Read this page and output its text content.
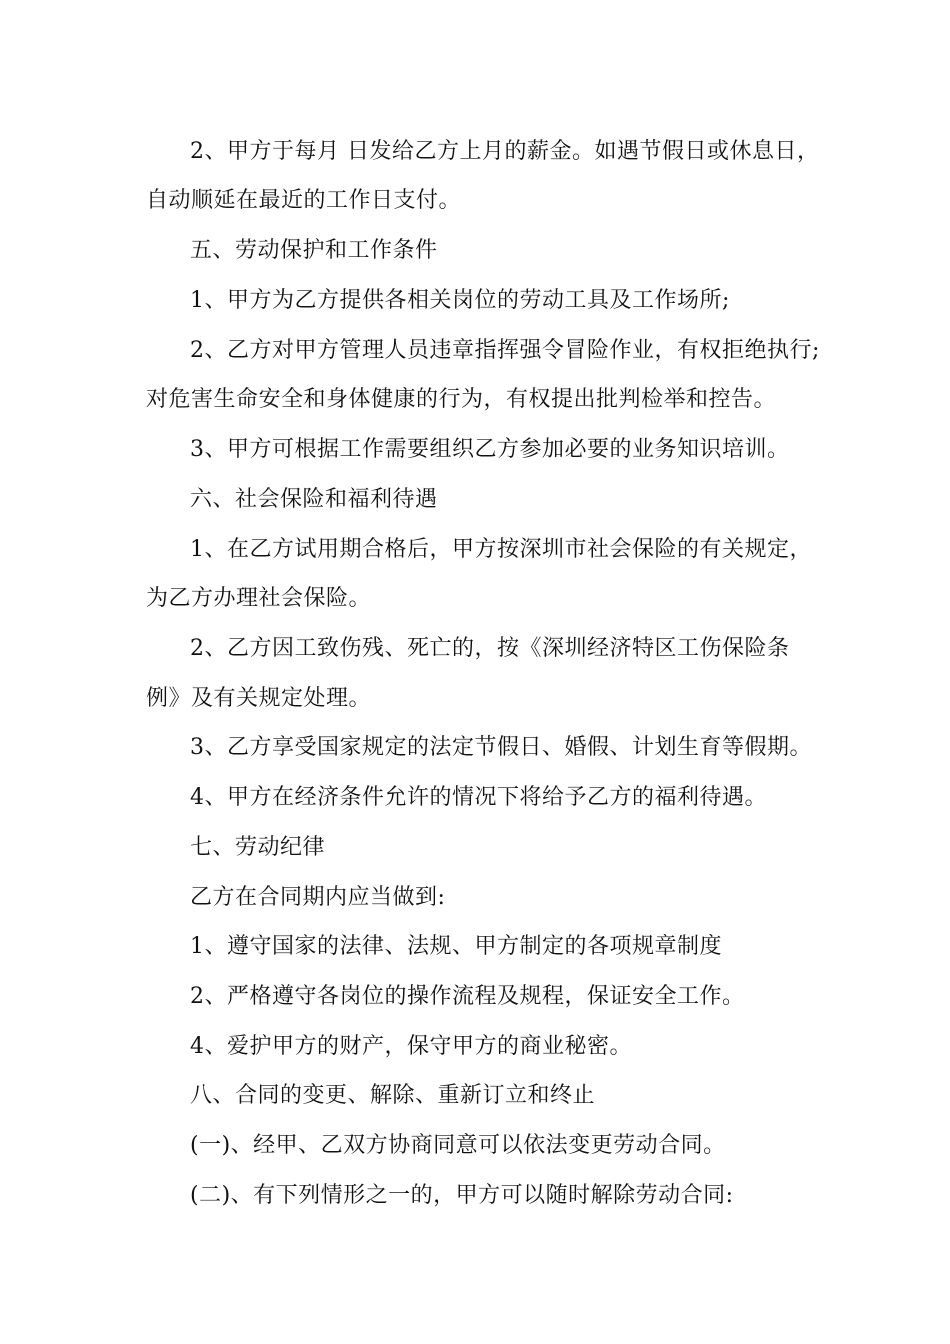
2、甲方于每月 日发给乙方上月的薪金。如遇节假日或休息日，
自动顺延在最近的工作日支付。
五、劳动保护和工作条件
1、甲方为乙方提供各相关岗位的劳动工具及工作场所;
2、乙方对甲方管理人员违章指挥强令冒险作业，有权拒绝执行;
对危害生命安全和身体健康的行为，有权提出批判检举和控告。
3、甲方可根据工作需要组织乙方参加必要的业务知识培训。
六、社会保险和福利待遇
1、在乙方试用期合格后，甲方按深圳市社会保险的有关规定，
为乙方办理社会保险。
2、乙方因工致伤残、死亡的，按《深圳经济特区工伤保险条
例》及有关规定处理。
3、乙方享受国家规定的法定节假日、婚假、计划生育等假期。
4、甲方在经济条件允许的情况下将给予乙方的福利待遇。
七、劳动纪律
乙方在合同期内应当做到:
1、遵守国家的法律、法规、甲方制定的各项规章制度
2、严格遵守各岗位的操作流程及规程，保证安全工作。
4、爱护甲方的财产，保守甲方的商业秘密。
八、合同的变更、解除、重新订立和终止
(一)、经甲、乙双方协商同意可以依法变更劳动合同。
(二)、有下列情形之一的，甲方可以随时解除劳动合同:
